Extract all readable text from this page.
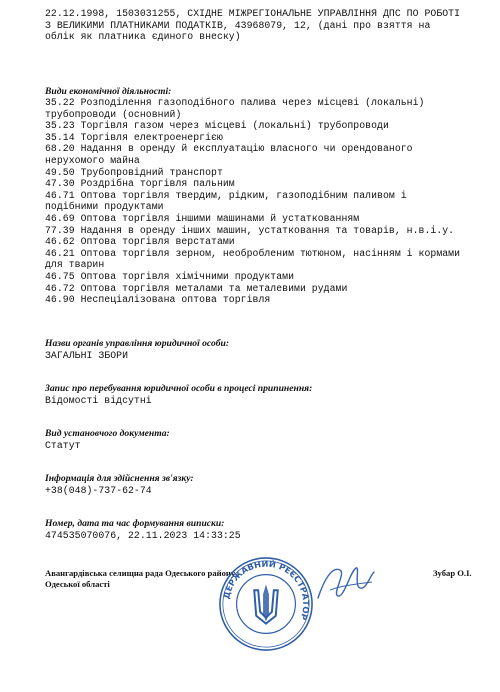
22.12.1998, 1503031255, СХІДНЕ МІЖРЕГІОНАЛЬНЕ УПРАВЛІННЯ ДПС ПО РОБОТІ
З ВЕЛИКИМИ ПЛАТНИКАМИ ПОДАТКІВ, 43968079, 12, (дані про взяття на
облік як платника єдиного внеску)
Види економічної діяльності:
35.22 Розподілення газоподібного палива через місцеві (локальні)
трубопроводи (основний)
35.23 Торгівля газом через місцеві (локальні) трубопроводи
35.14 Торгівля електроенергією
68.20 Надання в оренду й експлуатацію власного чи орендованого
нерухомого майна
49.50 Трубопровідний транспорт
47.30 Роздрібна торгівля пальним
46.71 Оптова торгівля твердим, рідким, газоподібним паливом і
подібними продуктами
46.69 Оптова торгівля іншими машинами й устаткованням
77.39 Надання в оренду інших машин, устатковання та товарів, н.в.і.у.
46.62 Оптова торгівля верстатами
46.21 Оптова торгівля зерном, необробленим тютюном, насінням і кормами
для тварин
46.75 Оптова торгівля хімічними продуктами
46.72 Оптова торгівля металами та металевими рудами
46.90 Неспеціалізована оптова торгівля
Назви органів управління юридичної особи:
ЗАГАЛЬНІ ЗБОРИ
Запис про перебування юридичної особи в процесі припинення:
Відомості відсутні
Вид установчого документа:
Статут
Інформація для здійснення зв'язку:
+38(048)-737-62-74
Номер, дата та час формування виписки:
474535070076, 22.11.2023 14:33:25
Авангардівська селищна рада Одеського району
Одеської області
Зубар О.І.
ДЕРЖАВНИЙ РЕЄСТРАТОР
